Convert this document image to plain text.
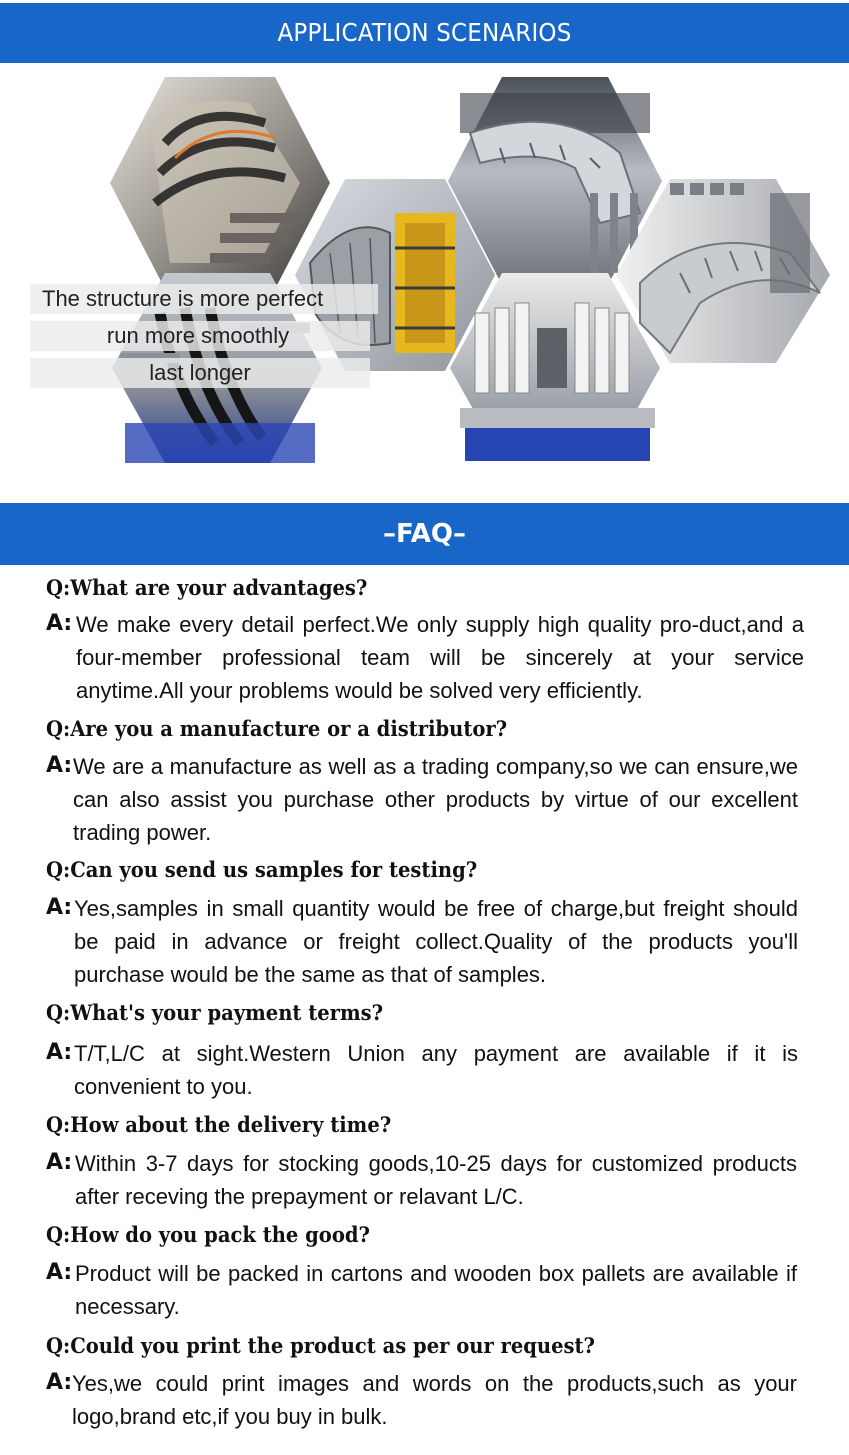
APPLICATION SCENARIOS
The structure is more perfect
run more smoothly
last longer
–FAQ–
Q:What are your advantages?
A: We make every detail perfect.We only supply high quality pro-duct,and a four-member professional team will be sincerely at your service anytime.All your problems would be solved very efficiently.
Q:Are you a manufacture or a distributor?
A: We are a manufacture as well as a trading company,so we can ensure,we can also assist you purchase other products by virtue of our excellent trading power.
Q:Can you send us samples for testing?
A: Yes,samples in small quantity would be free of charge,but freight should be paid in advance or freight collect.Quality of the products you'll purchase would be the same as that of samples.
Q:What's your payment terms?
A: T/T,L/C at sight.Western Union any payment are available if it is convenient to you.
Q:How about the delivery time?
A: Within 3-7 days for stocking goods,10-25 days for customized products after receving the prepayment or relavant L/C.
Q:How do you pack the good?
A: Product will be packed in cartons and wooden box pallets are available if necessary.
Q:Could you print the product as per our request?
A: Yes,we could print images and words on the products,such as your logo,brand etc,if you buy in bulk.
